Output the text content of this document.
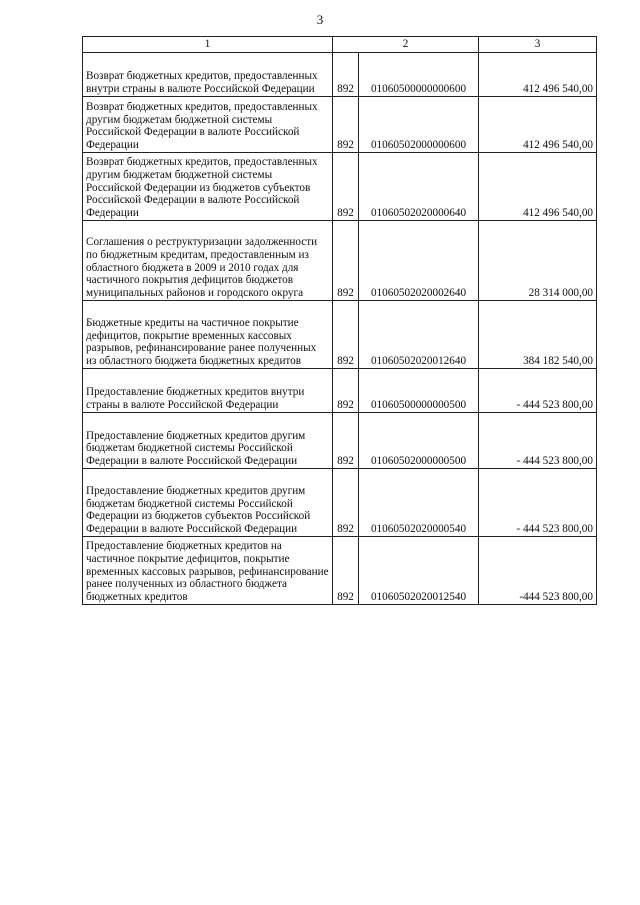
3
1	2		3
Возврат бюджетных кредитов, предоставленных внутри страны в валюте Российской Федерации	892	01060500000000600	412 496 540,00
Возврат бюджетных кредитов, предоставленных другим бюджетам бюджетной системы Российской Федерации в валюте Российской Федерации	892	01060502000000600	412 496 540,00
Возврат бюджетных кредитов, предоставленных другим бюджетам бюджетной системы Российской Федерации из бюджетов субъектов Российской Федерации в валюте Российской Федерации	892	01060502020000640	412 496 540,00
Соглашения о реструктуризации задолженности по бюджетным кредитам, предоставленным из областного бюджета в 2009 и 2010 годах для частичного покрытия дефицитов бюджетов муниципальных районов и городского округа	892	01060502020002640	28 314 000,00
Бюджетные кредиты на частичное покрытие дефицитов, покрытие временных кассовых разрывов, рефинансирование ранее полученных из областного бюджета бюджетных кредитов	892	01060502020012640	384 182 540,00
Предоставление бюджетных кредитов внутри страны в валюте Российской Федерации	892	01060500000000500	- 444 523 800,00
Предоставление бюджетных кредитов другим бюджетам бюджетной системы Российской Федерации в валюте Российской Федерации	892	01060502000000500	- 444 523 800,00
Предоставление бюджетных кредитов другим бюджетам бюджетной системы Российской Федерации из бюджетов субъектов Российской Федерации в валюте Российской Федерации	892	01060502020000540	- 444 523 800,00
Предоставление бюджетных кредитов на частичное покрытие дефицитов, покрытие временных кассовых разрывов, рефинансирование ранее полученных из областного бюджета бюджетных кредитов	892	01060502020012540	-444 523 800,00
